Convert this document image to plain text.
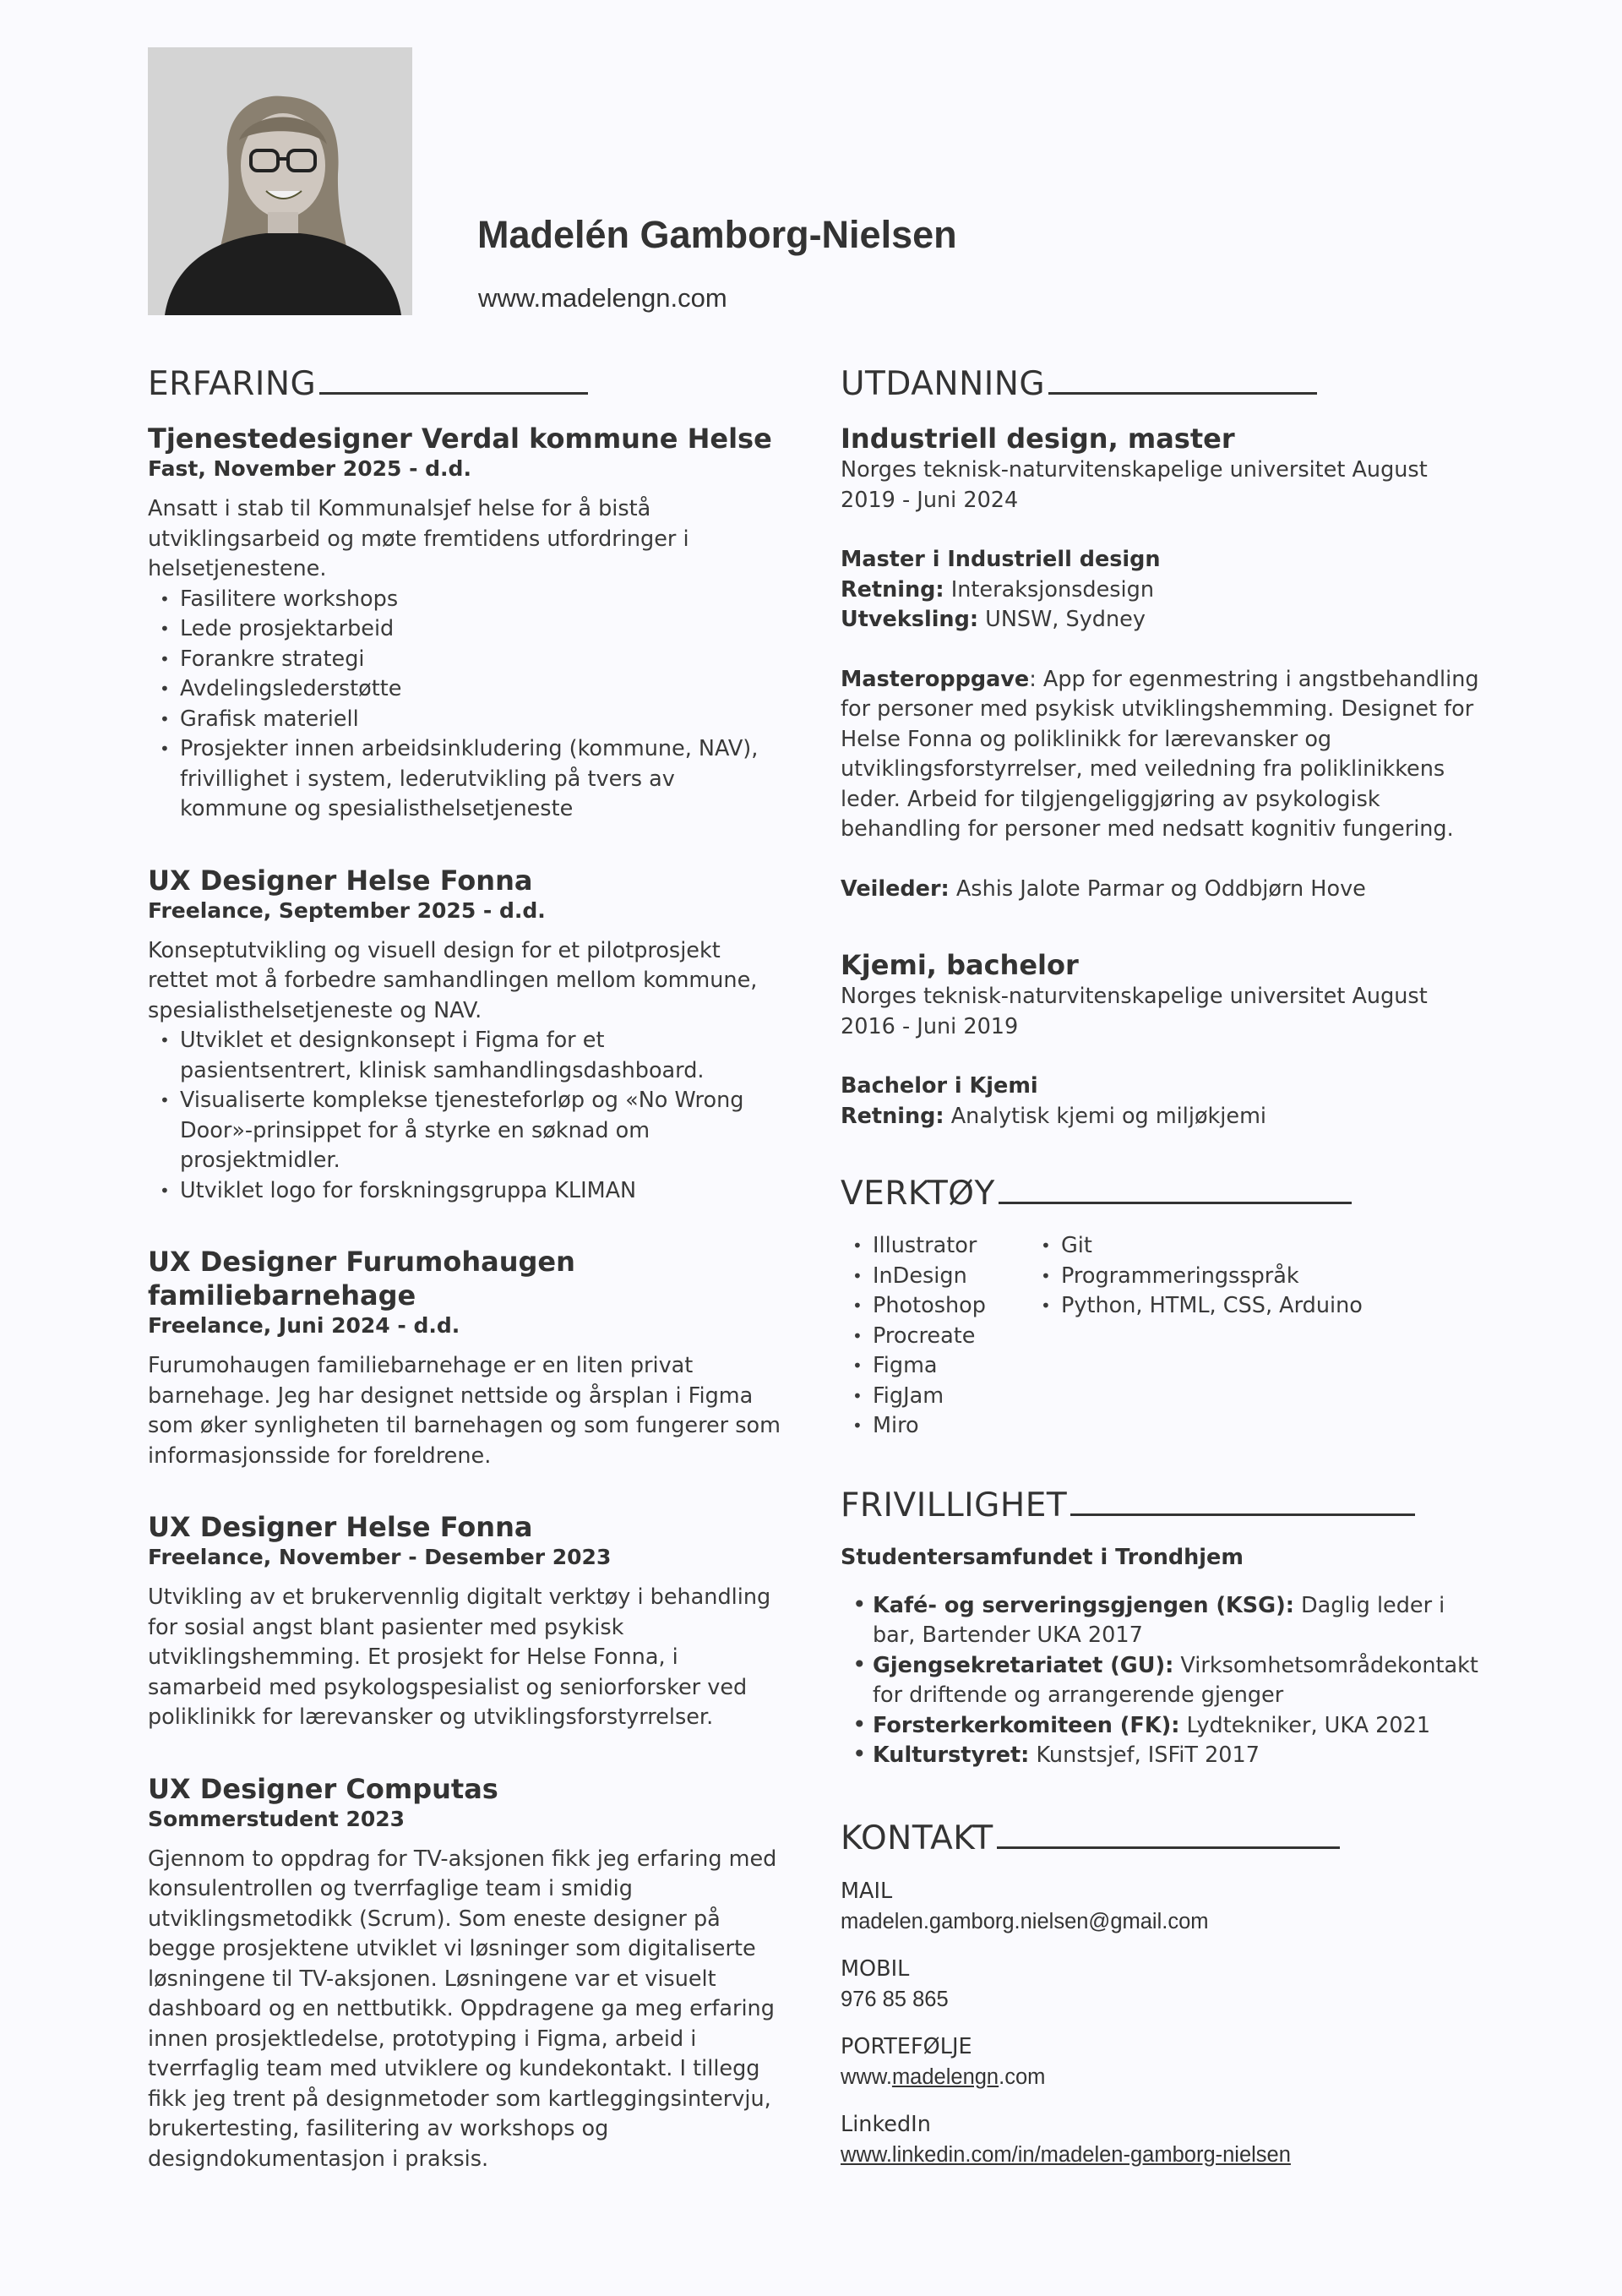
Madelén Gamborg-Nielsen
www.madelengn.com
ERFARING
Tjenestedesigner Verdal kommune Helse
Fast, November 2025 - d.d.
Ansatt i stab til Kommunalsjef helse for å bistå utviklingsarbeid og møte fremtidens utfordringer i helsetjenestene.
• Fasilitere workshops
• Lede prosjektarbeid
• Forankre strategi
• Avdelingslederstøtte
• Grafisk materiell
• Prosjekter innen arbeidsinkludering (kommune, NAV), frivillighet i system, lederutvikling på tvers av kommune og spesialisthelsetjeneste
UX Designer Helse Fonna
Freelance, September 2025 - d.d.
Konseptutvikling og visuell design for et pilotprosjekt rettet mot å forbedre samhandlingen mellom kommune, spesialisthelsetjeneste og NAV.
• Utviklet et designkonsept i Figma for et pasientsentrert, klinisk samhandlingsdashboard.
• Visualiserte komplekse tjenesteforløp og «No Wrong Door»-prinsippet for å styrke en søknad om prosjektmidler.
• Utviklet logo for forskningsgruppa KLIMAN
UX Designer Furumohaugen familiebarnehage
Freelance, Juni 2024 - d.d.
Furumohaugen familiebarnehage er en liten privat barnehage. Jeg har designet nettside og årsplan i Figma som øker synligheten til barnehagen og som fungerer som informasjonsside for foreldrene.
UX Designer Helse Fonna
Freelance, November - Desember 2023
Utvikling av et brukervennlig digitalt verktøy i behandling for sosial angst blant pasienter med psykisk utviklingshemming. Et prosjekt for Helse Fonna, i samarbeid med psykologspesialist og seniorforsker ved poliklinikk for lærevansker og utviklingsforstyrrelser.
UX Designer Computas
Sommerstudent 2023
Gjennom to oppdrag for TV-aksjonen fikk jeg erfaring med konsulentrollen og tverrfaglige team i smidig utviklingsmetodikk (Scrum). Som eneste designer på begge prosjektene utviklet vi løsninger som digitaliserte løsningene til TV-aksjonen. Løsningene var et visuelt dashboard og en nettbutikk. Oppdragene ga meg erfaring innen prosjektledelse, prototyping i Figma, arbeid i tverrfaglig team med utviklere og kundekontakt. I tillegg fikk jeg trent på designmetoder som kartleggingsintervju, brukertesting, fasilitering av workshops og designdokumentasjon i praksis.
UTDANNING
Industriell design, master
Norges teknisk-naturvitenskapelige universitet August 2019 - Juni 2024
Master i Industriell design
Retning: Interaksjonsdesign
Utveksling: UNSW, Sydney
Masteroppgave: App for egenmestring i angstbehandling for personer med psykisk utviklingshemming. Designet for Helse Fonna og poliklinikk for lærevansker og utviklingsforstyrrelser, med veiledning fra poliklinikkens leder. Arbeid for tilgjengeliggjøring av psykologisk behandling for personer med nedsatt kognitiv fungering.
Veileder: Ashis Jalote Parmar og Oddbjørn Hove
Kjemi, bachelor
Norges teknisk-naturvitenskapelige universitet August 2016 - Juni 2019
Bachelor i Kjemi
Retning: Analytisk kjemi og miljøkjemi
VERKTØY
• Illustrator
• InDesign
• Photoshop
• Procreate
• Figma
• FigJam
• Miro
• Git
• Programmeringsspråk
• Python, HTML, CSS, Arduino
FRIVILLIGHET
Studentersamfundet i Trondhjem
• Kafé- og serveringsgjengen (KSG): Daglig leder i bar, Bartender UKA 2017
• Gjengsekretariatet (GU): Virksomhetsområdekontakt for driftende og arrangerende gjenger
• Forsterkerkomiteen (FK): Lydtekniker, UKA 2021
• Kulturstyret: Kunstsjef, ISFiT 2017
KONTAKT
MAIL
madelen.gamborg.nielsen@gmail.com
MOBIL
976 85 865
PORTEFØLJE
www.madelengn.com
LinkedIn
www.linkedin.com/in/madelen-gamborg-nielsen
